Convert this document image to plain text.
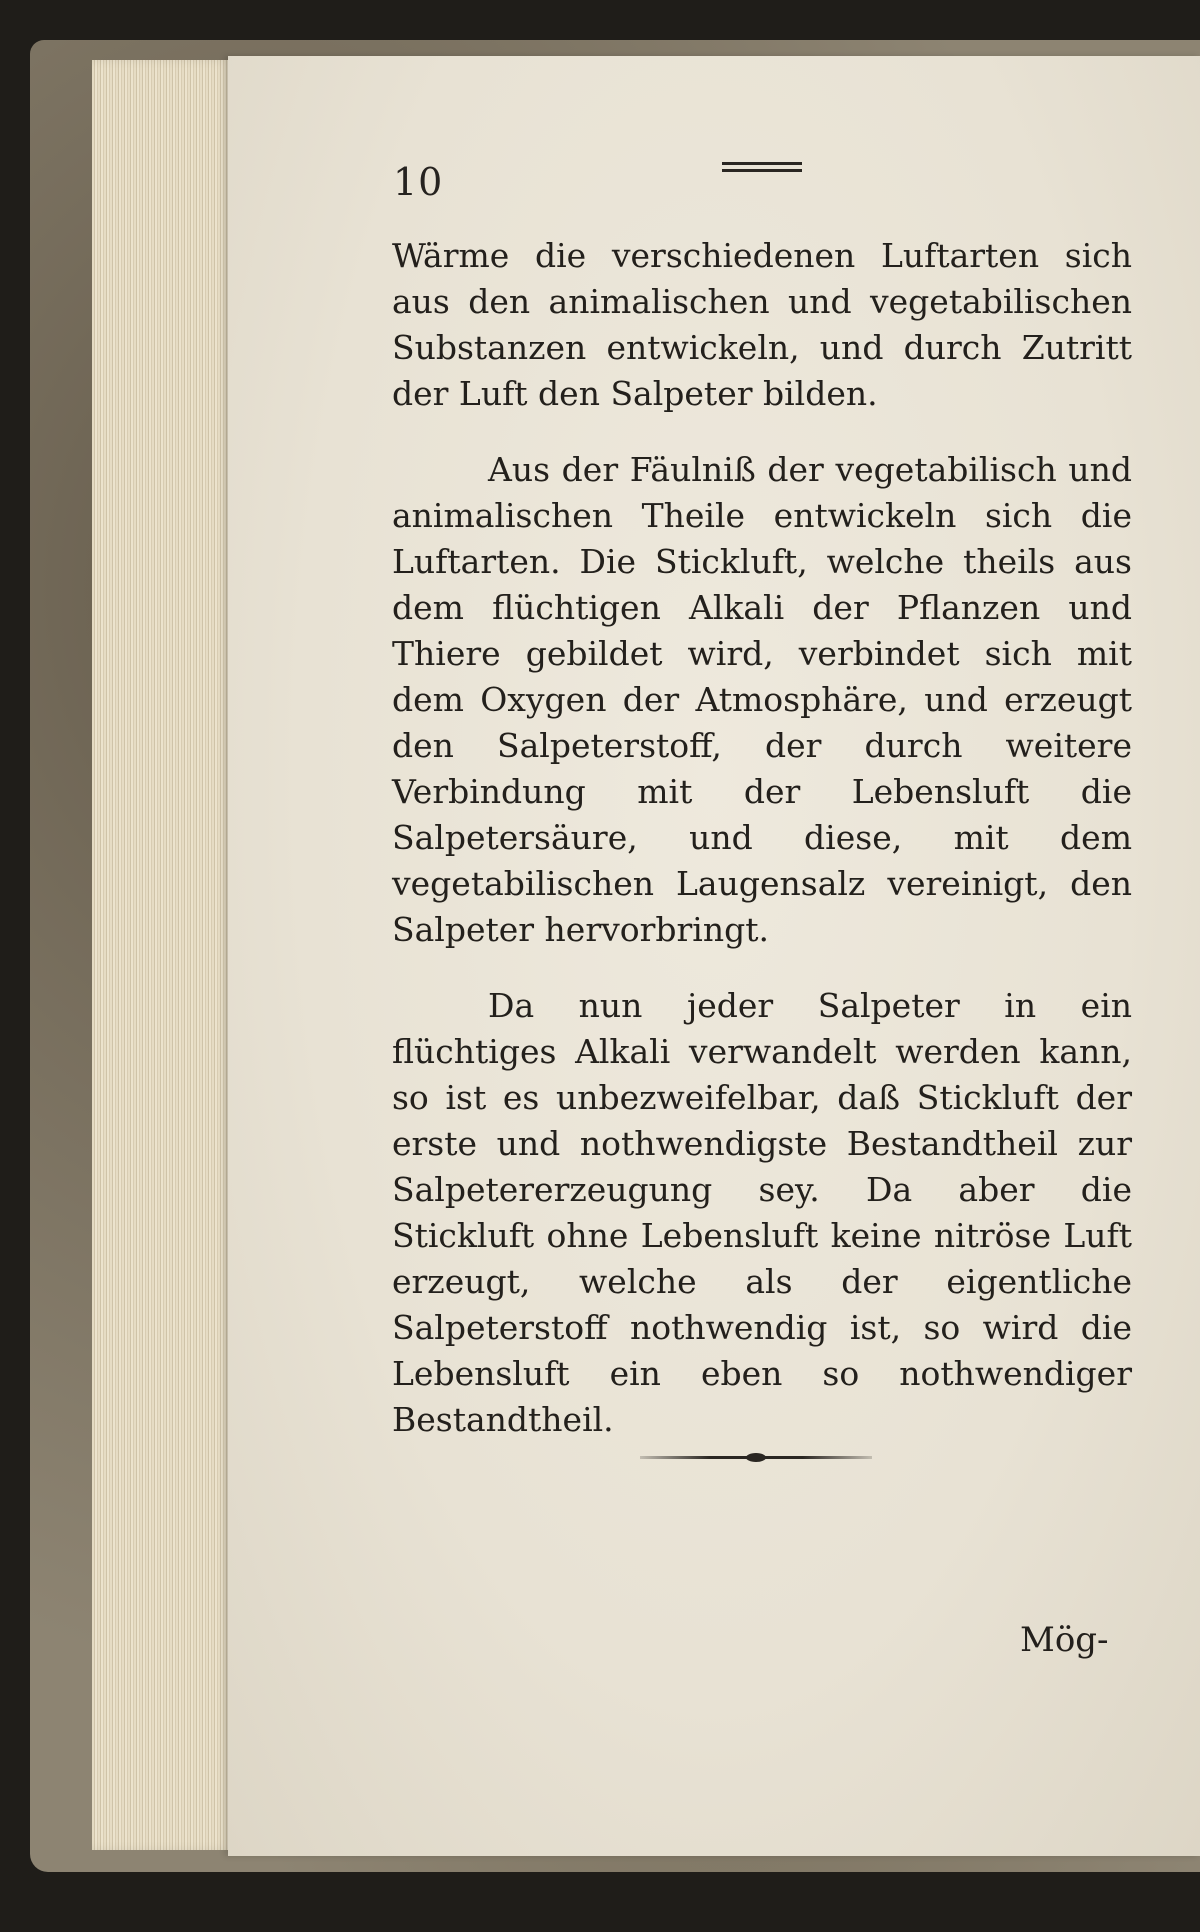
10

Wärme die verschiedenen Luftarten sich aus den animalischen und vegetabilischen Substanzen entwickeln, und durch Zutritt der Luft den Salpeter bilden.

Aus der Fäulniß der vegetabilisch und animalischen Theile entwickeln sich die Luftarten. Die Stickluft, welche theils aus dem flüchtigen Alkali der Pflanzen und Thiere gebildet wird, verbindet sich mit dem Oxygen der Atmosphäre, und erzeugt den Salpeterstoff, der durch weitere Verbindung mit der Lebensluft die Salpetersäure, und diese, mit dem vegetabilischen Laugensalz vereinigt, den Salpeter hervorbringt.

Da nun jeder Salpeter in ein flüchtiges Alkali verwandelt werden kann, so ist es unbezweifelbar, daß Stickluft der erste und nothwendigste Bestandtheil zur Salpetererzeugung sey. Da aber die Stickluft ohne Lebensluft keine nitröse Luft erzeugt, welche als der eigentliche Salpeterstoff nothwendig ist, so wird die Lebensluft ein eben so nothwendiger Bestandtheil.

Mög-
